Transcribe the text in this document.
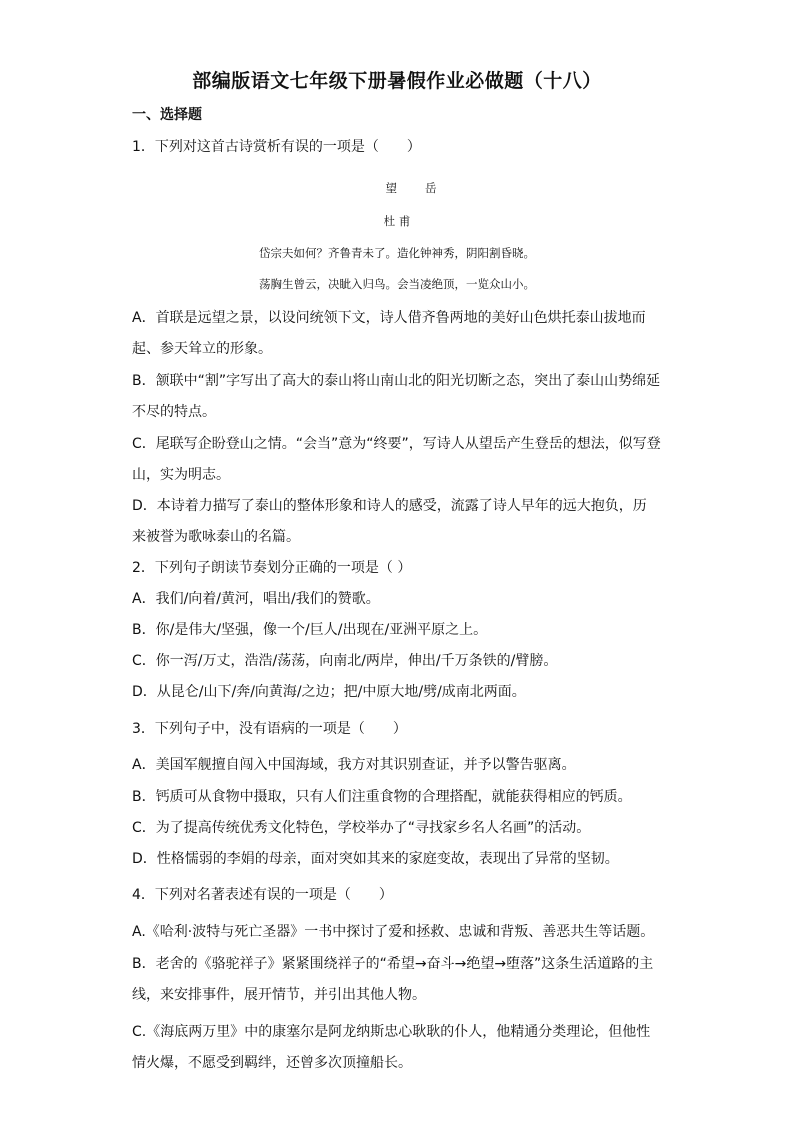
部编版语文七年级下册暑假作业必做题（十八）
一、选择题
1．下列对这首古诗赏析有误的一项是（　　）
望岳
杜 甫
岱宗夫如何？齐鲁青未了。造化钟神秀，阴阳割昏晓。
荡胸生曾云，决眦入归鸟。会当凌绝顶，一览众山小。
A．首联是远望之景，以设问统领下文，诗人借齐鲁两地的美好山色烘托泰山拔地而
起、参天耸立的形象。
B．颔联中“割”字写出了高大的泰山将山南山北的阳光切断之态，突出了泰山山势绵延
不尽的特点。
C．尾联写企盼登山之情。“会当”意为“终要”，写诗人从望岳产生登岳的想法，似写登
山，实为明志。
D．本诗着力描写了泰山的整体形象和诗人的感受，流露了诗人早年的远大抱负，历
来被誉为歌咏泰山的名篇。
2．下列句子朗读节奏划分正确的一项是（ ）
A．我们/向着/黄河，唱出/我们的赞歌。
B．你/是伟大/坚强，像一个/巨人/出现在/亚洲平原之上。
C．你一泻/万丈，浩浩/荡荡，向南北/两岸，伸出/千万条铁的/臂膀。
D．从昆仑/山下/奔/向黄海/之边；把/中原大地/劈/成南北两面。
3．下列句子中，没有语病的一项是（　　）
A．美国军舰擅自闯入中国海域，我方对其识别查证，并予以警告驱离。
B．钙质可从食物中摄取，只有人们注重食物的合理搭配，就能获得相应的钙质。
C．为了提高传统优秀文化特色，学校举办了“寻找家乡名人名画”的活动。
D．性格懦弱的李娟的母亲，面对突如其来的家庭变故，表现出了异常的坚韧。
4．下列对名著表述有误的一项是（　　）
A.《哈利·波特与死亡圣器》一书中探讨了爱和拯救、忠诚和背叛、善恶共生等话题。
B．老舍的《骆驼祥子》紧紧围绕祥子的“希望→奋斗→绝望→堕落”这条生活道路的主
线，来安排事件，展开情节，并引出其他人物。
C.《海底两万里》中的康塞尔是阿龙纳斯忠心耿耿的仆人，他精通分类理论，但他性
情火爆，不愿受到羁绊，还曾多次顶撞船长。
